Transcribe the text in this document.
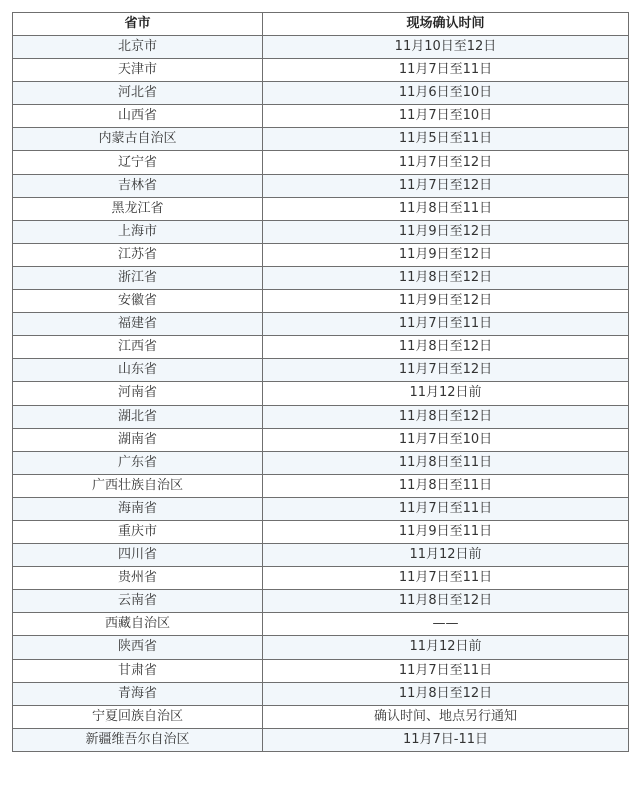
省市	现场确认时间
北京市	11月10日至12日
天津市	11月7日至11日
河北省	11月6日至10日
山西省	11月7日至10日
内蒙古自治区	11月5日至11日
辽宁省	11月7日至12日
吉林省	11月7日至12日
黑龙江省	11月8日至11日
上海市	11月9日至12日
江苏省	11月9日至12日
浙江省	11月8日至12日
安徽省	11月9日至12日
福建省	11月7日至11日
江西省	11月8日至12日
山东省	11月7日至12日
河南省	11月12日前
湖北省	11月8日至12日
湖南省	11月7日至10日
广东省	11月8日至11日
广西壮族自治区	11月8日至11日
海南省	11月7日至11日
重庆市	11月9日至11日
四川省	11月12日前
贵州省	11月7日至11日
云南省	11月8日至12日
西藏自治区	——
陕西省	11月12日前
甘肃省	11月7日至11日
青海省	11月8日至12日
宁夏回族自治区	确认时间、地点另行通知
新疆维吾尔自治区	11月7日-11日
